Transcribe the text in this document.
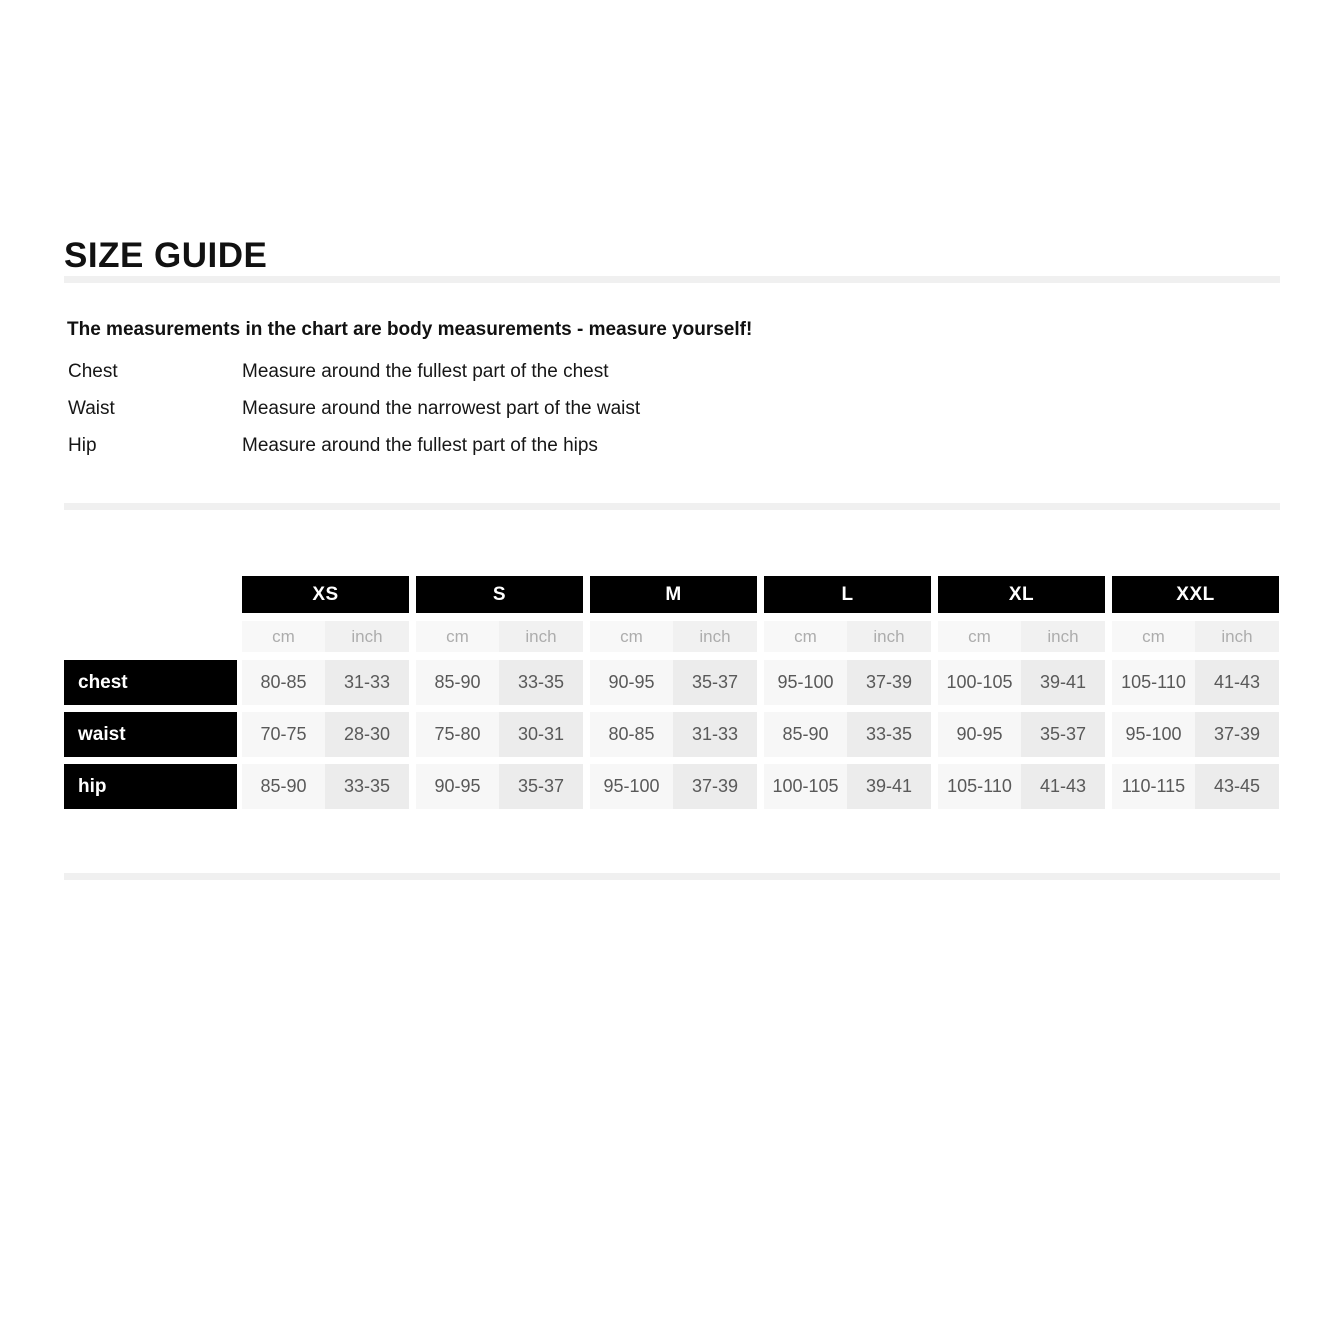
SIZE GUIDE
The measurements in the chart are body measurements - measure yourself!
Chest	Measure around the fullest part of the chest
Waist	Measure around the narrowest part of the waist
Hip	Measure around the fullest part of the hips
XS	S	M	L	XL	XXL
cm	inch	cm	inch	cm	inch	cm	inch	cm	inch	cm	inch
chest	80-85	31-33	85-90	33-35	90-95	35-37	95-100	37-39	100-105	39-41	105-110	41-43
waist	70-75	28-30	75-80	30-31	80-85	31-33	85-90	33-35	90-95	35-37	95-100	37-39
hip	85-90	33-35	90-95	35-37	95-100	37-39	100-105	39-41	105-110	41-43	110-115	43-45
